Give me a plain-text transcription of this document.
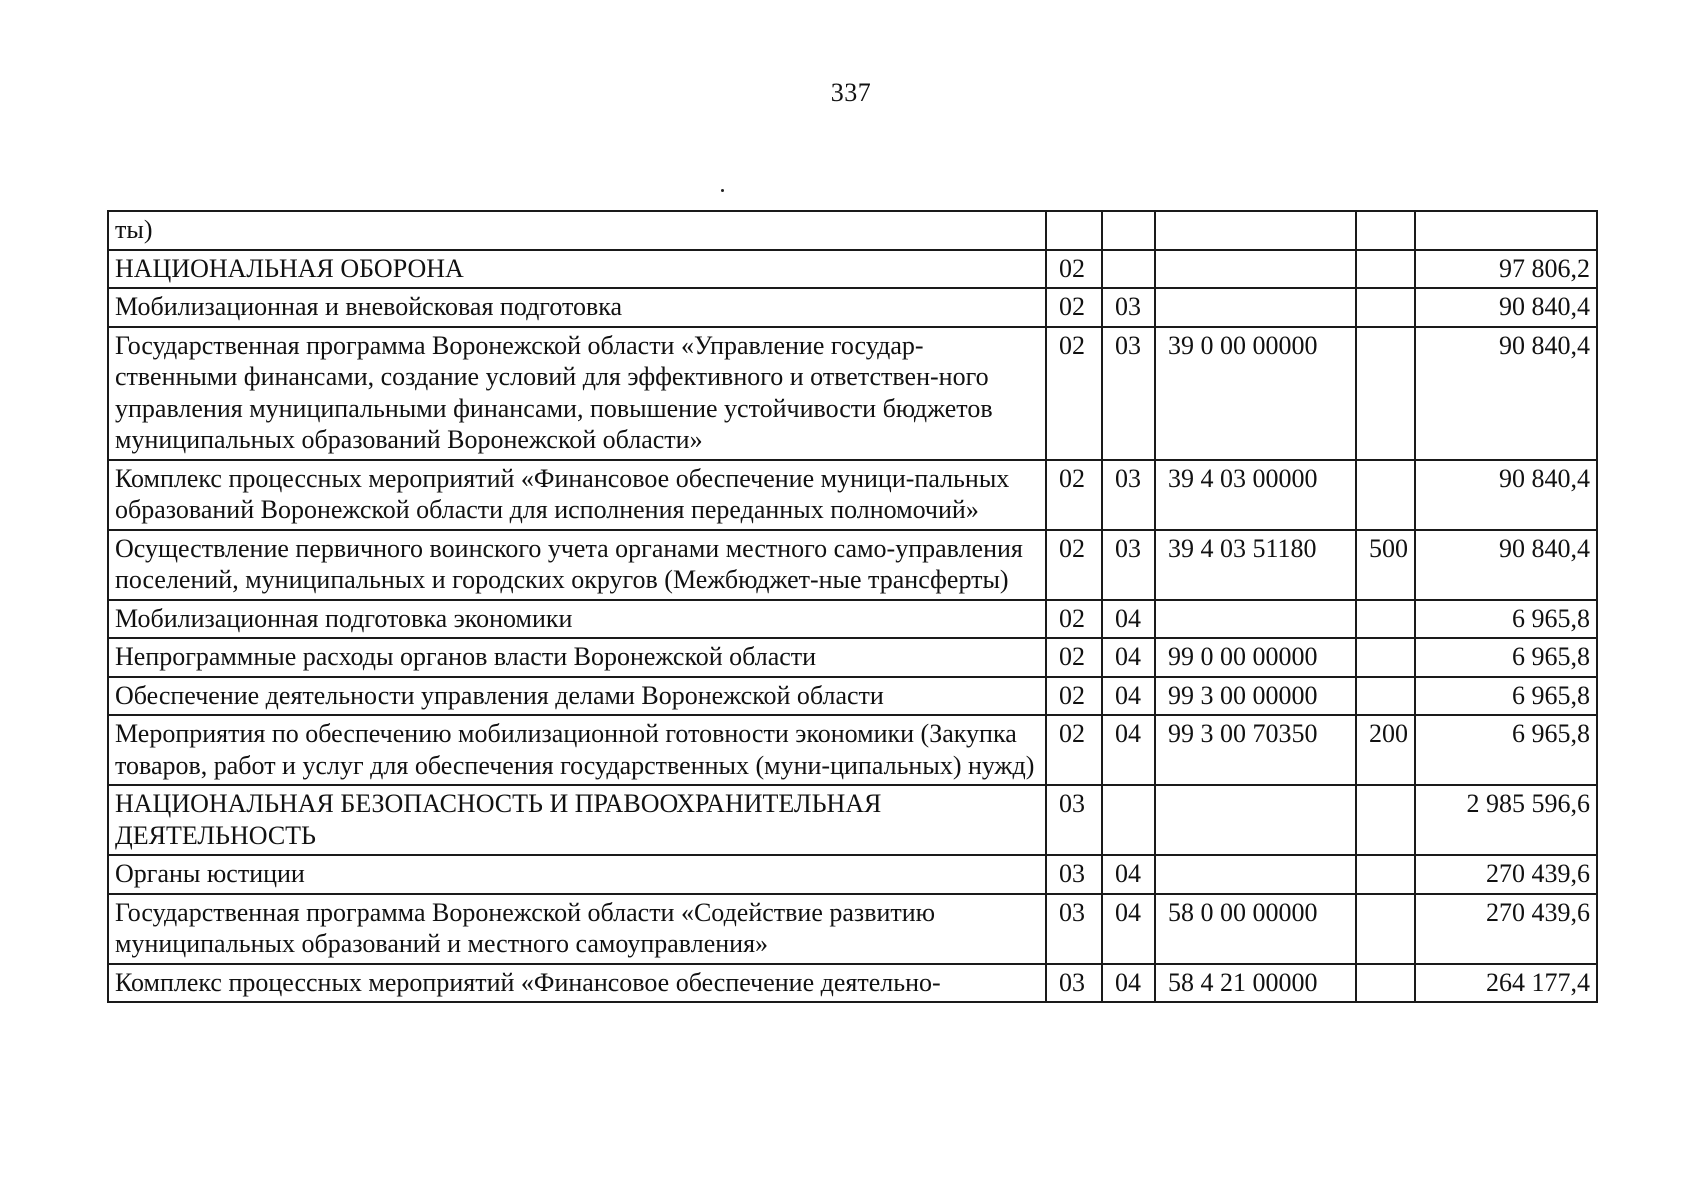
337
ты)					
НАЦИОНАЛЬНАЯ ОБОРОНА	02				97 806,2
Мобилизационная и вневойсковая подготовка	02	03			90 840,4
Государственная программа Воронежской области «Управление государ-ственными финансами, создание условий для эффективного и ответствен-ного управления муниципальными финансами, повышение устойчивости бюджетов муниципальных образований Воронежской области»	02	03	39 0 00 00000		90 840,4
Комплекс процессных мероприятий «Финансовое обеспечение муници-пальных образований Воронежской области для исполнения переданных полномочий»	02	03	39 4 03 00000		90 840,4
Осуществление первичного воинского учета органами местного само-управления поселений, муниципальных и городских округов (Межбюджет-ные трансферты)	02	03	39 4 03 51180	500	90 840,4
Мобилизационная подготовка экономики	02	04			6 965,8
Непрограммные расходы органов власти Воронежской области	02	04	99 0 00 00000		6 965,8
Обеспечение деятельности управления делами Воронежской области	02	04	99 3 00 00000		6 965,8
Мероприятия по обеспечению мобилизационной готовности экономики (Закупка товаров, работ и услуг для обеспечения государственных (муни-ципальных) нужд)	02	04	99 3 00 70350	200	6 965,8
НАЦИОНАЛЬНАЯ БЕЗОПАСНОСТЬ И ПРАВООХРАНИТЕЛЬНАЯ ДЕЯТЕЛЬНОСТЬ	03				2 985 596,6
Органы юстиции	03	04			270 439,6
Государственная программа Воронежской области «Содействие развитию муниципальных образований и местного самоуправления»	03	04	58 0 00 00000		270 439,6
Комплекс процессных мероприятий «Финансовое обеспечение деятельно-	03	04	58 4 21 00000		264 177,4
